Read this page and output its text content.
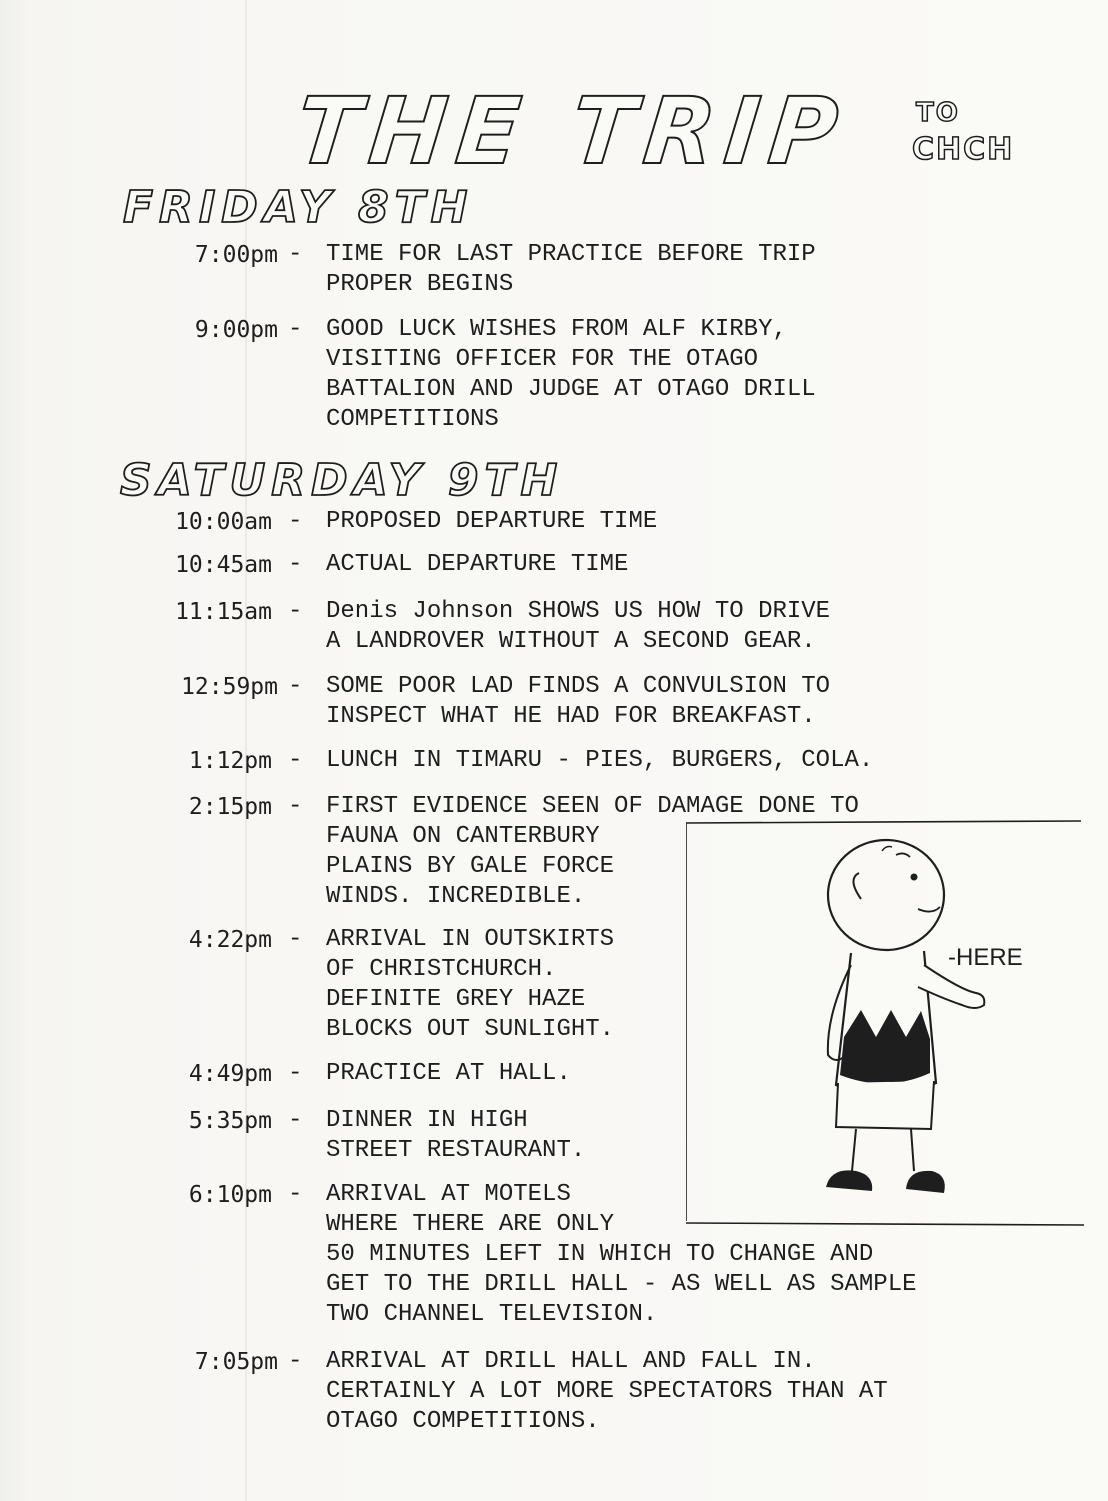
THE TRIP TO
CHCH
FRIDAY 8TH
SATURDAY 9TH
7:00pm - TIME FOR LAST PRACTICE BEFORE TRIP
PROPER BEGINS
9:00pm - GOOD LUCK WISHES FROM ALF KIRBY,
VISITING OFFICER FOR THE OTAGO
BATTALION AND JUDGE AT OTAGO DRILL
COMPETITIONS
10:00am - PROPOSED DEPARTURE TIME
10:45am - ACTUAL DEPARTURE TIME
11:15am - Denis Johnson SHOWS US HOW TO DRIVE
A LANDROVER WITHOUT A SECOND GEAR.
12:59pm - SOME POOR LAD FINDS A CONVULSION TO
INSPECT WHAT HE HAD FOR BREAKFAST.
1:12pm - LUNCH IN TIMARU - PIES, BURGERS, COLA.
2:15pm - FIRST EVIDENCE SEEN OF DAMAGE DONE TO
FAUNA ON CANTERBURY
PLAINS BY GALE FORCE
WINDS. INCREDIBLE.
4:22pm - ARRIVAL IN OUTSKIRTS
OF CHRISTCHURCH.
DEFINITE GREY HAZE
BLOCKS OUT SUNLIGHT.
4:49pm - PRACTICE AT HALL.
5:35pm - DINNER IN HIGH
STREET RESTAURANT.
6:10pm - ARRIVAL AT MOTELS
WHERE THERE ARE ONLY
50 MINUTES LEFT IN WHICH TO CHANGE AND
GET TO THE DRILL HALL - AS WELL AS SAMPLE
TWO CHANNEL TELEVISION.
7:05pm - ARRIVAL AT DRILL HALL AND FALL IN.
CERTAINLY A LOT MORE SPECTATORS THAN AT
OTAGO COMPETITIONS.
-HERE
